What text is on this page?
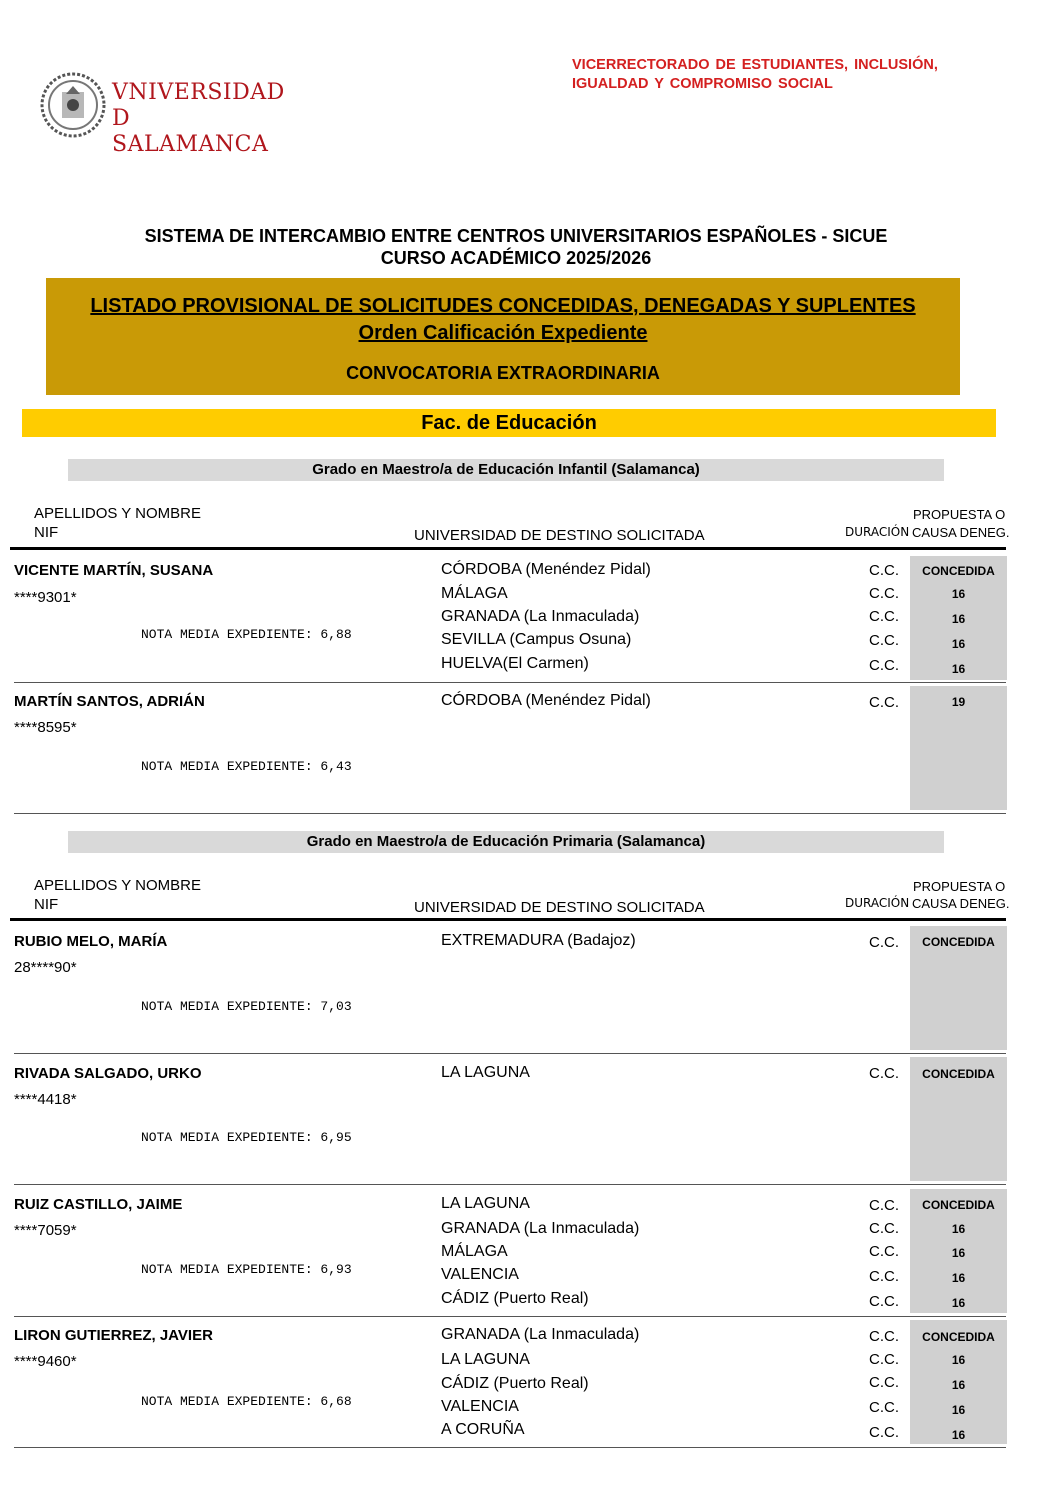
VICERRECTORADO DE ESTUDIANTES, INCLUSIÓN,
IGUALDAD Y COMPROMISO SOCIAL
VNIVERSIDAD
D SALAMANCA
SISTEMA DE INTERCAMBIO ENTRE CENTROS UNIVERSITARIOS ESPAÑOLES - SICUE
CURSO ACADÉMICO 2025/2026
LISTADO PROVISIONAL DE SOLICITUDES CONCEDIDAS, DENEGADAS Y SUPLENTES
Orden Calificación Expediente
CONVOCATORIA EXTRAORDINARIA
Fac. de Educación
Grado en Maestro/a de Educación Infantil (Salamanca)
APELLIDOS Y NOMBRE
NIF	UNIVERSIDAD DE DESTINO SOLICITADA
PROPUESTA O
DURACIÓN CAUSA DENEG.
VICENTE MARTÍN, SUSANA
****9301*
NOTA MEDIA EXPEDIENTE: 6,88
CÓRDOBA (Menéndez Pidal)	C.C.	CONCEDIDA
MÁLAGA	C.C.	16
GRANADA (La Inmaculada)	C.C.	16
SEVILLA (Campus Osuna)	C.C.	16
HUELVA(El Carmen)	C.C.	16
MARTÍN SANTOS, ADRIÁN
****8595*
NOTA MEDIA EXPEDIENTE: 6,43
CÓRDOBA (Menéndez Pidal)	C.C.	19
Grado en Maestro/a de Educación Primaria (Salamanca)
APELLIDOS Y NOMBRE
NIF	UNIVERSIDAD DE DESTINO SOLICITADA
PROPUESTA O
DURACIÓN CAUSA DENEG.
RUBIO MELO, MARÍA
28****90*
NOTA MEDIA EXPEDIENTE: 7,03
EXTREMADURA (Badajoz)	C.C.	CONCEDIDA
RIVADA SALGADO, URKO
****4418*
NOTA MEDIA EXPEDIENTE: 6,95
LA LAGUNA	C.C.	CONCEDIDA
RUIZ CASTILLO, JAIME
****7059*
NOTA MEDIA EXPEDIENTE: 6,93
LA LAGUNA	C.C.	CONCEDIDA
GRANADA (La Inmaculada)	C.C.	16
MÁLAGA	C.C.	16
VALENCIA	C.C.	16
CÁDIZ (Puerto Real)	C.C.	16
LIRON GUTIERREZ, JAVIER
****9460*
NOTA MEDIA EXPEDIENTE: 6,68
GRANADA (La Inmaculada)	C.C.	CONCEDIDA
LA LAGUNA	C.C.	16
CÁDIZ (Puerto Real)	C.C.	16
VALENCIA	C.C.	16
A CORUÑA	C.C.	16
